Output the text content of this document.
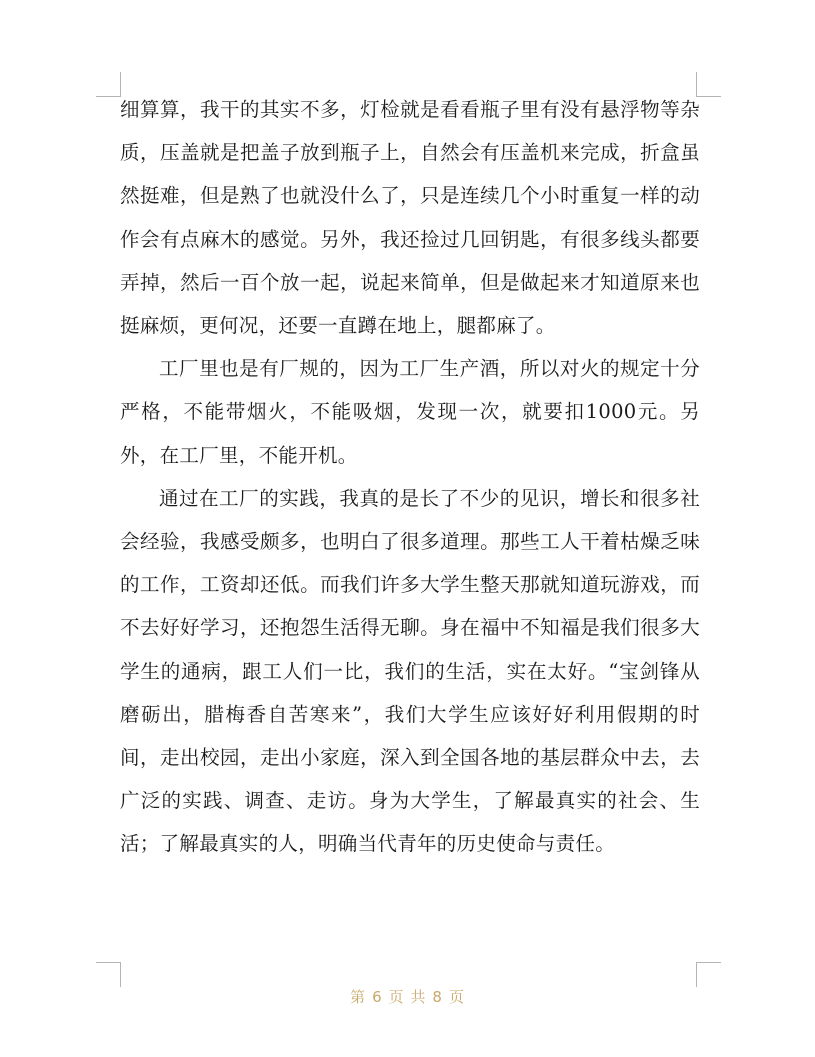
细算算，我干的其实不多，灯检就是看看瓶子里有没有悬浮物等杂质，压盖就是把盖子放到瓶子上，自然会有压盖机来完成，折盒虽然挺难，但是熟了也就没什么了，只是连续几个小时重复一样的动作会有点麻木的感觉。另外，我还捡过几回钥匙，有很多线头都要弄掉，然后一百个放一起，说起来简单，但是做起来才知道原来也挺麻烦，更何况，还要一直蹲在地上，腿都麻了。

工厂里也是有厂规的，因为工厂生产酒，所以对火的规定十分严格，不能带烟火，不能吸烟，发现一次，就要扣1000元。另外，在工厂里，不能开机。

通过在工厂的实践，我真的是长了不少的见识，增长和很多社会经验，我感受颇多，也明白了很多道理。那些工人干着枯燥乏味的工作，工资却还低。而我们许多大学生整天那就知道玩游戏，而不去好好学习，还抱怨生活得无聊。身在福中不知福是我们很多大学生的通病，跟工人们一比，我们的生活，实在太好。“宝剑锋从磨砺出，腊梅香自苦寒来”，我们大学生应该好好利用假期的时间，走出校园，走出小家庭，深入到全国各地的基层群众中去，去广泛的实践、调查、走访。身为大学生，了解最真实的社会、生活；了解最真实的人，明确当代青年的历史使命与责任。

第 6 页 共 8 页
